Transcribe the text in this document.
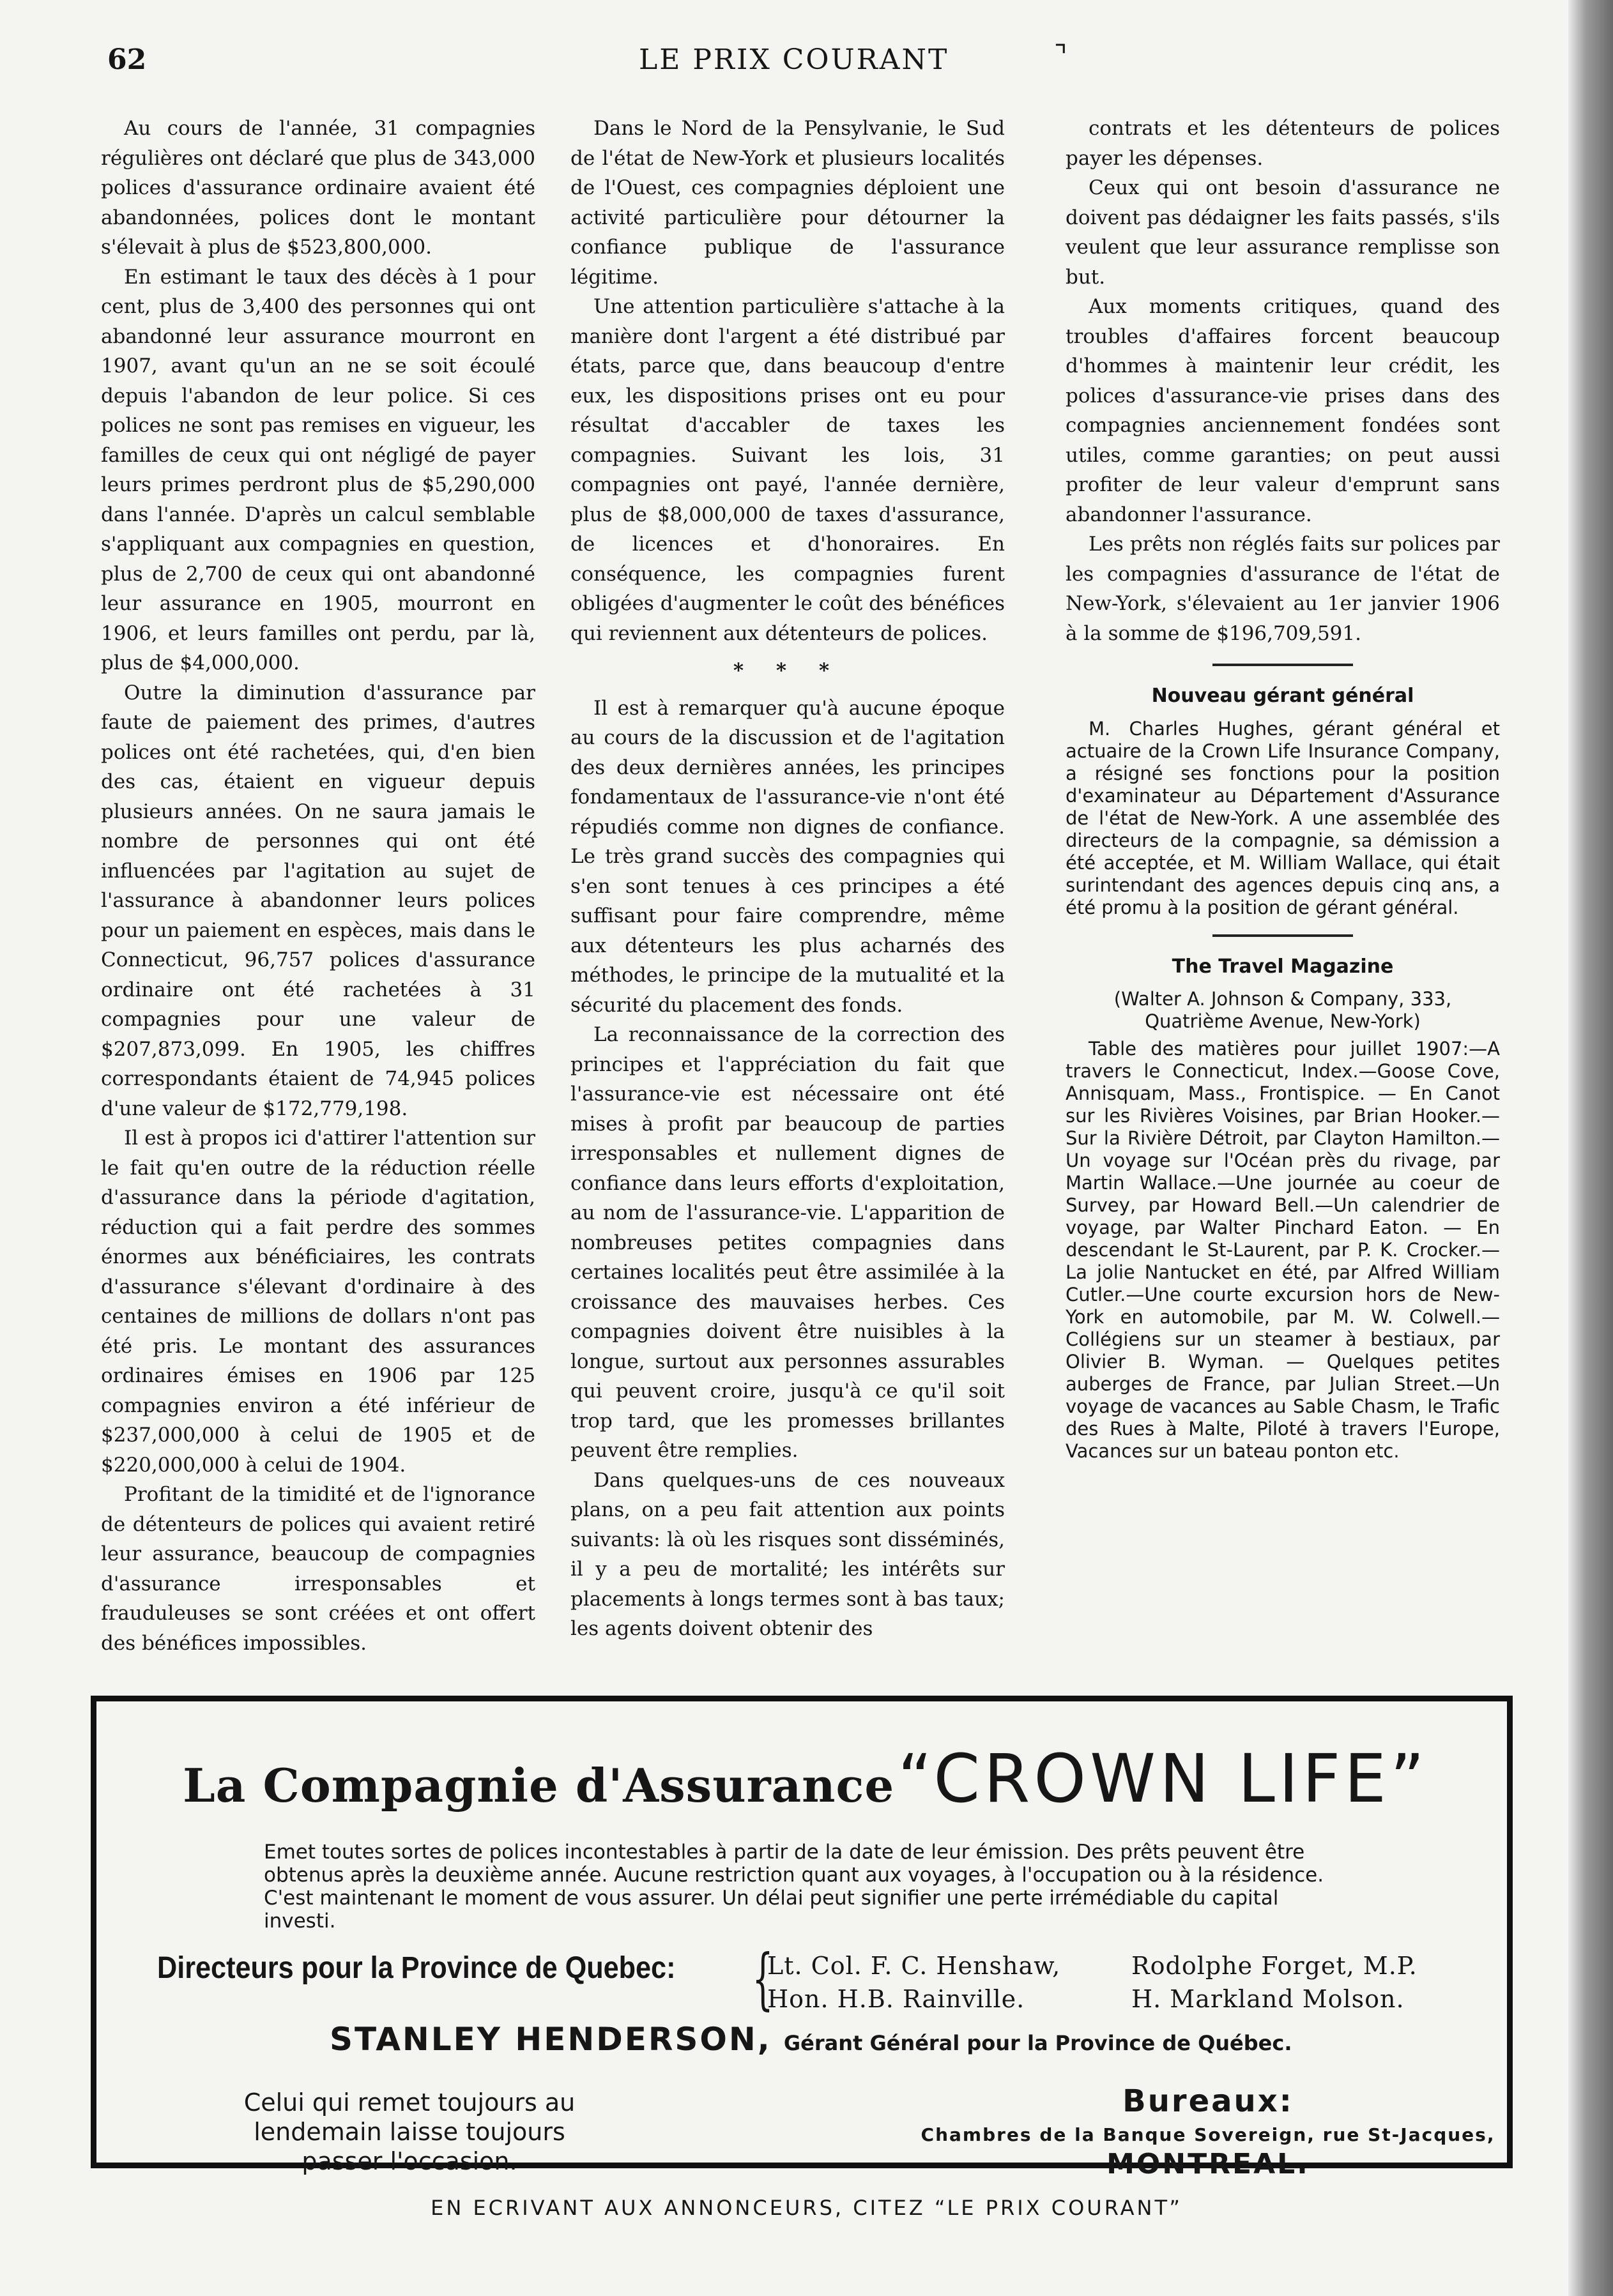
62	LE PRIX COURANT	⌝

Au cours de l'année, 31 compagnies régulières ont déclaré que plus de 343,000 polices d'assurance ordinaire avaient été abandonnées, polices dont le montant s'élevait à plus de $523,800,000.

En estimant le taux des décès à 1 pour cent, plus de 3,400 des personnes qui ont abandonné leur assurance mourront en 1907, avant qu'un an ne se soit écoulé depuis l'abandon de leur police. Si ces polices ne sont pas remises en vigueur, les familles de ceux qui ont négligé de payer leurs primes perdront plus de $5,290,000 dans l'année. D'après un calcul semblable s'appliquant aux compagnies en question, plus de 2,700 de ceux qui ont abandonné leur assurance en 1905, mourront en 1906, et leurs familles ont perdu, par là, plus de $4,000,000.

Outre la diminution d'assurance par faute de paiement des primes, d'autres polices ont été rachetées, qui, d'en bien des cas, étaient en vigueur depuis plusieurs années. On ne saura jamais le nombre de personnes qui ont été influencées par l'agitation au sujet de l'assurance à abandonner leurs polices pour un paiement en espèces, mais dans le Connecticut, 96,757 polices d'assurance ordinaire ont été rachetées à 31 compagnies pour une valeur de $207,873,099. En 1905, les chiffres correspondants étaient de 74,945 polices d'une valeur de $172,779,198.

Il est à propos ici d'attirer l'attention sur le fait qu'en outre de la réduction réelle d'assurance dans la période d'agitation, réduction qui a fait perdre des sommes énormes aux bénéficiaires, les contrats d'assurance s'élevant d'ordinaire à des centaines de millions de dollars n'ont pas été pris. Le montant des assurances ordinaires émises en 1906 par 125 compagnies environ a été inférieur de $237,000,000 à celui de 1905 et de $220,000,000 à celui de 1904.

Profitant de la timidité et de l'ignorance de détenteurs de polices qui avaient retiré leur assurance, beaucoup de compagnies d'assurance irresponsables et frauduleuses se sont créées et ont offert des bénéfices impossibles.

Dans le Nord de la Pensylvanie, le Sud de l'état de New-York et plusieurs localités de l'Ouest, ces compagnies déploient une activité particulière pour détourner la confiance publique de l'assurance légitime.

Une attention particulière s'attache à la manière dont l'argent a été distribué par états, parce que, dans beaucoup d'entre eux, les dispositions prises ont eu pour résultat d'accabler de taxes les compagnies. Suivant les lois, 31 compagnies ont payé, l'année dernière, plus de $8,000,000 de taxes d'assurance, de licences et d'honoraires. En conséquence, les compagnies furent obligées d'augmenter le coût des bénéfices qui reviennent aux détenteurs de polices.

* * *

Il est à remarquer qu'à aucune époque au cours de la discussion et de l'agitation des deux dernières années, les principes fondamentaux de l'assurance-vie n'ont été répudiés comme non dignes de confiance. Le très grand succès des compagnies qui s'en sont tenues à ces principes a été suffisant pour faire comprendre, même aux détenteurs les plus acharnés des méthodes, le principe de la mutualité et la sécurité du placement des fonds.

La reconnaissance de la correction des principes et l'appréciation du fait que l'assurance-vie est nécessaire ont été mises à profit par beaucoup de parties irresponsables et nullement dignes de confiance dans leurs efforts d'exploitation, au nom de l'assurance-vie. L'apparition de nombreuses petites compagnies dans certaines localités peut être assimilée à la croissance des mauvaises herbes. Ces compagnies doivent être nuisibles à la longue, surtout aux personnes assurables qui peuvent croire, jusqu'à ce qu'il soit trop tard, que les promesses brillantes peuvent être remplies.

Dans quelques-uns de ces nouveaux plans, on a peu fait attention aux points suivants: là où les risques sont disséminés, il y a peu de mortalité; les intérêts sur placements à longs termes sont à bas taux; les agents doivent obtenir des

contrats et les détenteurs de polices payer les dépenses.

Ceux qui ont besoin d'assurance ne doivent pas dédaigner les faits passés, s'ils veulent que leur assurance remplisse son but.

Aux moments critiques, quand des troubles d'affaires forcent beaucoup d'hommes à maintenir leur crédit, les polices d'assurance-vie prises dans des compagnies anciennement fondées sont utiles, comme garanties; on peut aussi profiter de leur valeur d'emprunt sans abandonner l'assurance.

Les prêts non réglés faits sur polices par les compagnies d'assurance de l'état de New-York, s'élevaient au 1er janvier 1906 à la somme de $196,709,591.

Nouveau gérant général

M. Charles Hughes, gérant général et actuaire de la Crown Life Insurance Company, a résigné ses fonctions pour la position d'examinateur au Département d'Assurance de l'état de New-York. A une assemblée des directeurs de la compagnie, sa démission a été acceptée, et M. William Wallace, qui était surintendant des agences depuis cinq ans, a été promu à la position de gérant général.

The Travel Magazine

(Walter A. Johnson & Company, 333, Quatrième Avenue, New-York)

Table des matières pour juillet 1907:—A travers le Connecticut, Index.—Goose Cove, Annisquam, Mass., Frontispice. — En Canot sur les Rivières Voisines, par Brian Hooker.—Sur la Rivière Détroit, par Clayton Hamilton.—Un voyage sur l'Océan près du rivage, par Martin Wallace.—Une journée au coeur de Survey, par Howard Bell.—Un calendrier de voyage, par Walter Pinchard Eaton. — En descendant le St-Laurent, par P. K. Crocker.—La jolie Nantucket en été, par Alfred William Cutler.—Une courte excursion hors de New-York en automobile, par M. W. Colwell.—Collégiens sur un steamer à bestiaux, par Olivier B. Wyman. — Quelques petites auberges de France, par Julian Street.—Un voyage de vacances au Sable Chasm, le Trafic des Rues à Malte, Piloté à travers l'Europe, Vacances sur un bateau ponton etc.

La Compagnie d'Assurance “CROWN LIFE”
Emet toutes sortes de polices incontestables à partir de la date de leur émission. Des prêts peuvent être obtenus après la deuxième année. Aucune restriction quant aux voyages, à l'occupation ou à la résidence. C'est maintenant le moment de vous assurer. Un délai peut signifier une perte irrémédiable du capital investi.
Directeurs pour la Province de Quebec: {
Lt. Col. F. C. Henshaw,
Hon. H.B. Rainville.
Rodolphe Forget, M.P.
H. Markland Molson.
STANLEY HENDERSON, Gérant Général pour la Province de Québec.
Celui qui remet toujours au lendemain laisse toujours passer l'occasion.
Bureaux:
Chambres de la Banque Sovereign, rue St-Jacques,
MONTREAL.
EN ECRIVANT AUX ANNONCEURS, CITEZ “LE PRIX COURANT”
